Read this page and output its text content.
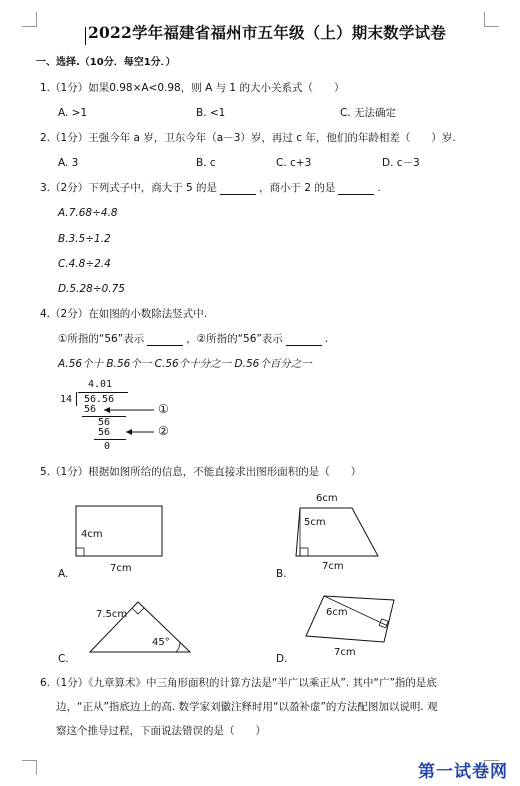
2022学年福建省福州市五年级（上）期末数学试卷
一、选择.（10分．每空1分．）
1.（1分）如果0.98×A<0.98，则 A 与 1 的大小关系式（　　）
A. >1	B. <1	C. 无法确定
2.（1分）王强今年 a 岁，卫东今年（a－3）岁，再过 c 年，他们的年龄相差（　　）岁.
A. 3	B. c	C. c+3	D. c－3
3.（2分）下列式子中，商大于 5 的是	，商小于 2 的是	.
A.7.68÷4.8
B.3.5÷1.2
C.4.8÷2.4
D.5.28÷0.75
4.（2分）在如图的小数除法竖式中.
①所指的“56”表示	，②所指的“56”表示	.
A.56个十 B.56个一 C.56个十分之一 D.56个百分之一
4.01
14 56.56
56
56
56
0
①
②
5.（1分）根据如图所给的信息，不能直接求出图形面积的是（　　）
4cm
7cm
A.
6cm
5cm
7cm
B.
7.5cm
45°
C.
6cm
7cm
D.
6.（1分）《九章算术》中三角形面积的计算方法是“半广以乘正从”. 其中“广”指的是底
边，“正从”指底边上的高. 数学家刘徽注释时用“以盈补虚”的方法配图加以说明. 观
察这个推导过程，下面说法错误的是（　　）
第一试卷网
